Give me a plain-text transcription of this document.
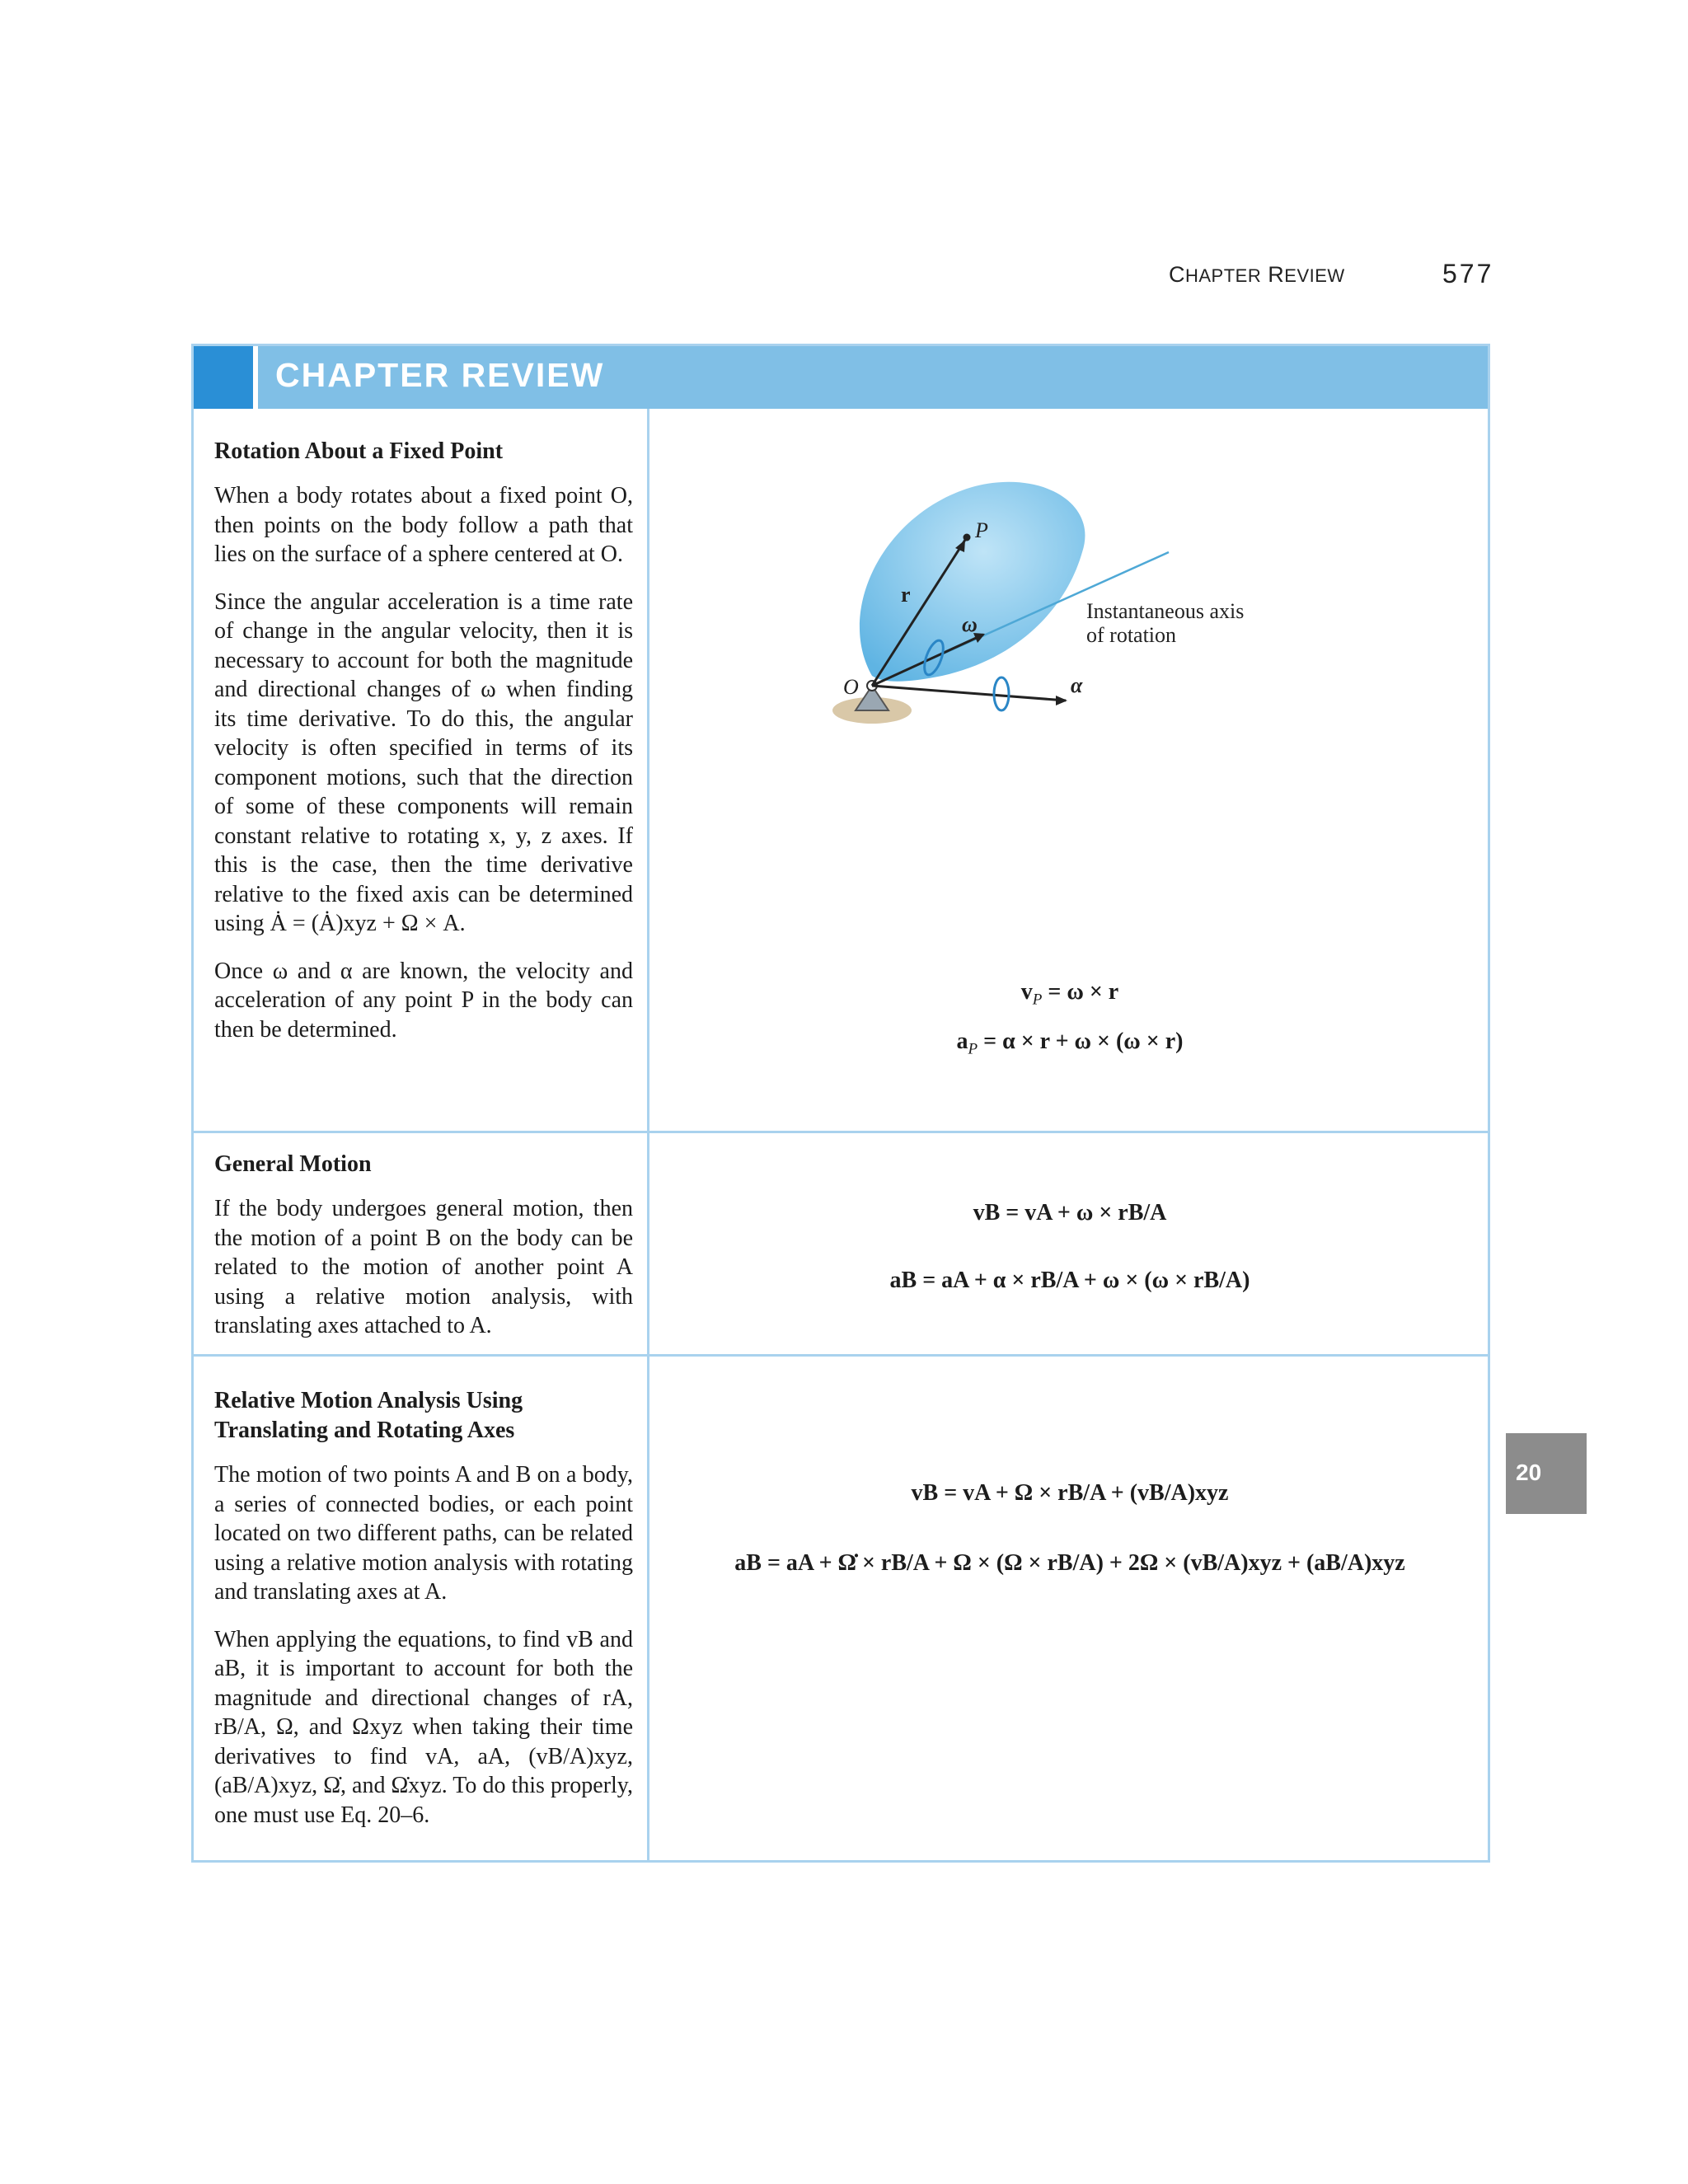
CHAPTER REVIEW	577
CHAPTER REVIEW
Rotation About a Fixed Point

When a body rotates about a fixed point O, then points on the body follow a path that lies on the surface of a sphere centered at O.

Since the angular acceleration is a time rate of change in the angular velocity, then it is necessary to account for both the magnitude and directional changes of ω when finding its time derivative. To do this, the angular velocity is often specified in terms of its component motions, such that the direction of some of these components will remain constant relative to rotating x, y, z axes. If this is the case, then the time derivative relative to the fixed axis can be determined using Ȧ = (Ȧ)xyz + Ω × A.

Once ω and α are known, the velocity and acceleration of any point P in the body can then be determined.

P
O
r
ω
α
Instantaneous axis
of rotation
$v_P = \omega \times r$
$a_P = \alpha \times r + \omega \times (\omega \times r)$
General Motion

If the body undergoes general motion, then the motion of a point B on the body can be related to the motion of another point A using a relative motion analysis, with translating axes attached to A.

vB = vA + ω × rB/A
aB = aA + α × rB/A + ω × (ω × rB/A)
Relative Motion Analysis Using
Translating and Rotating Axes

The motion of two points A and B on a body, a series of connected bodies, or each point located on two different paths, can be related using a relative motion analysis with rotating and translating axes at A.

When applying the equations, to find vB and aB, it is important to account for both the magnitude and directional changes of rA, rB/A, Ω, and Ωxyz when taking their time derivatives to find vA, aA, (vB/A)xyz, (aB/A)xyz, Ω̇, and Ω̇xyz. To do this properly, one must use Eq. 20–6.

vB = vA + Ω × rB/A + (vB/A)xyz
aB = aA + Ω̇ × rB/A + Ω × (Ω × rB/A) + 2Ω × (vB/A)xyz + (aB/A)xyz
20
